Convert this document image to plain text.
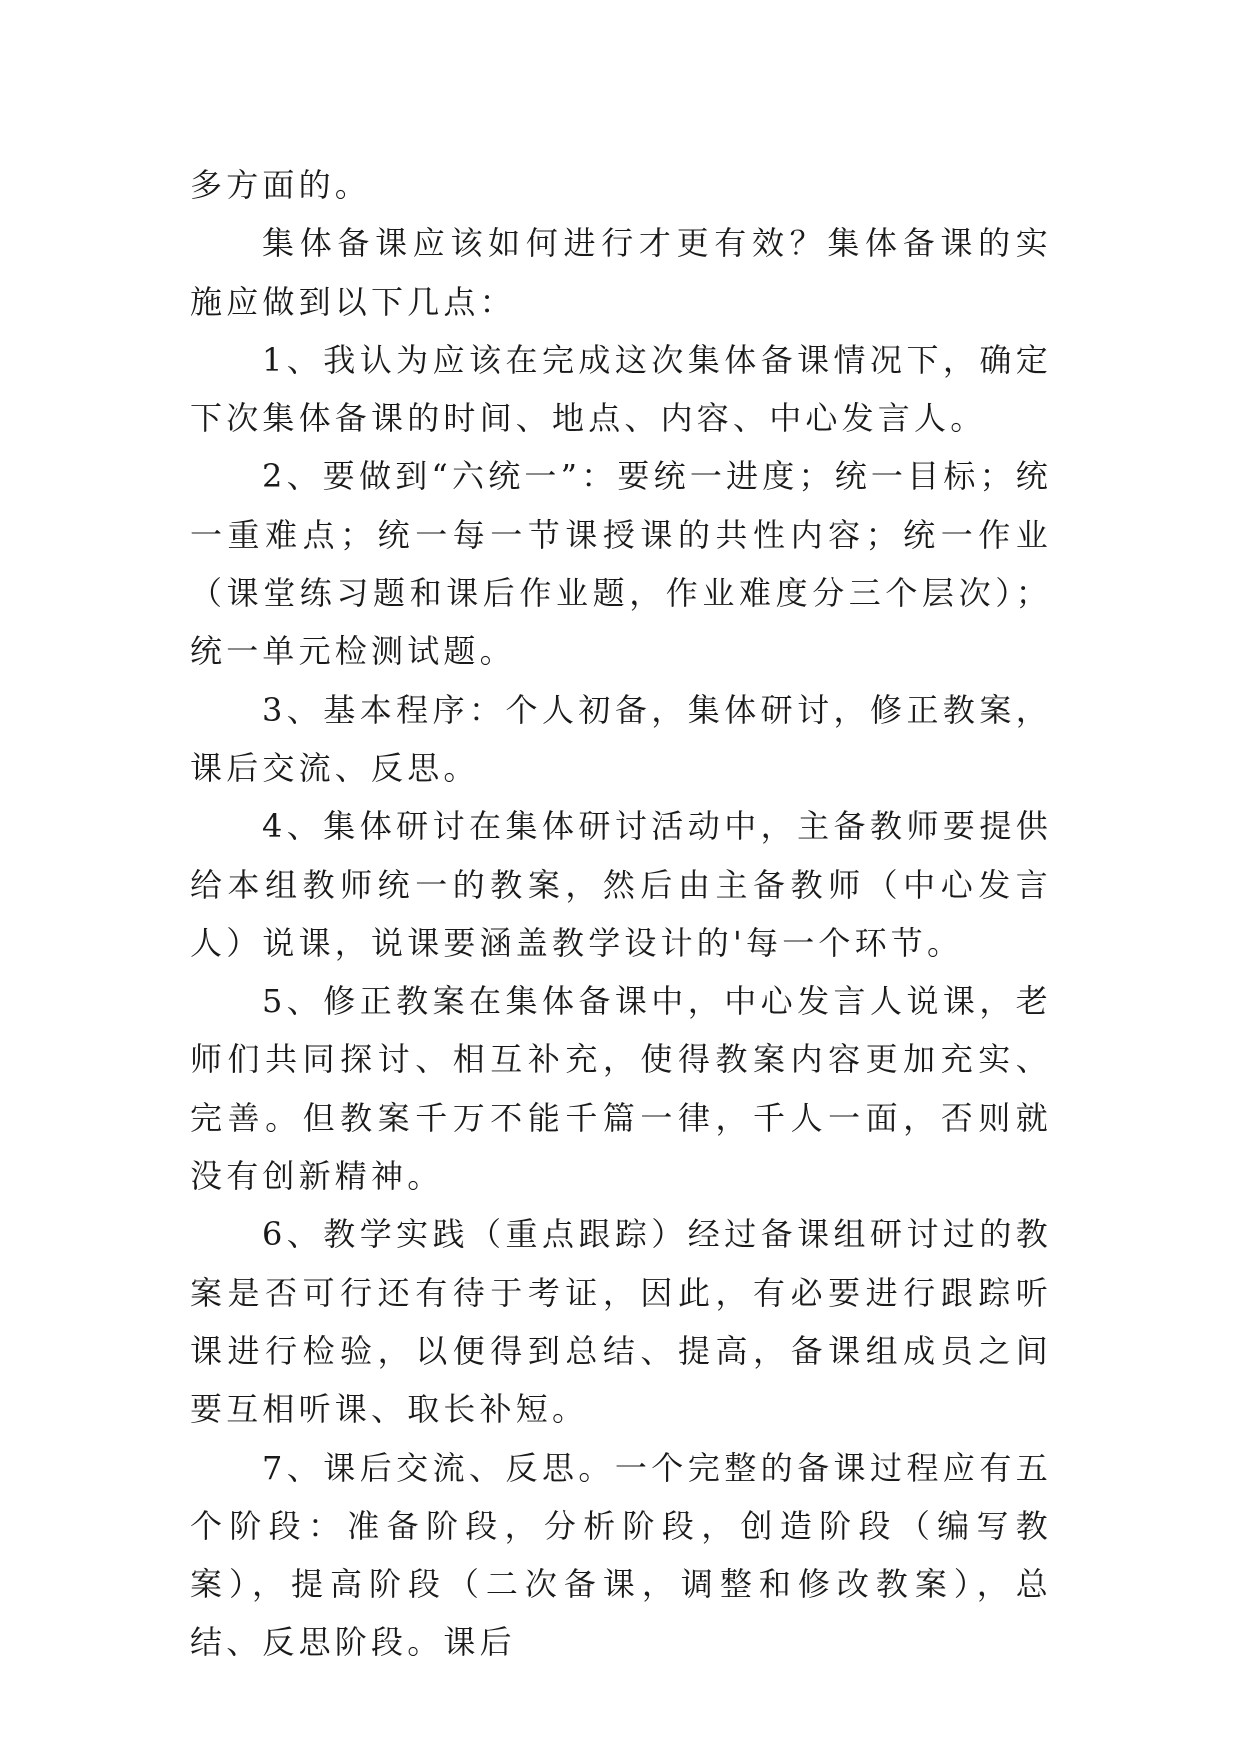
多方面的。

集体备课应该如何进行才更有效？集体备课的实施应做到以下几点：

1、我认为应该在完成这次集体备课情况下，确定下次集体备课的时间、地点、内容、中心发言人。

2、要做到“六统一”：要统一进度；统一目标；统一重难点；统一每一节课授课的共性内容；统一作业（课堂练习题和课后作业题，作业难度分三个层次）；统一单元检测试题。

3、基本程序：个人初备，集体研讨，修正教案，课后交流、反思。

4、集体研讨在集体研讨活动中，主备教师要提供给本组教师统一的教案，然后由主备教师（中心发言人）说课，说课要涵盖教学设计的'每一个环节。

5、修正教案在集体备课中，中心发言人说课，老师们共同探讨、相互补充，使得教案内容更加充实、完善。但教案千万不能千篇一律，千人一面，否则就没有创新精神。

6、教学实践（重点跟踪）经过备课组研讨过的教案是否可行还有待于考证，因此，有必要进行跟踪听课进行检验，以便得到总结、提高，备课组成员之间要互相听课、取长补短。

7、课后交流、反思。一个完整的备课过程应有五个阶段：准备阶段，分析阶段，创造阶段（编写教案），提高阶段（二次备课，调整和修改教案），总结、反思阶段。课后
